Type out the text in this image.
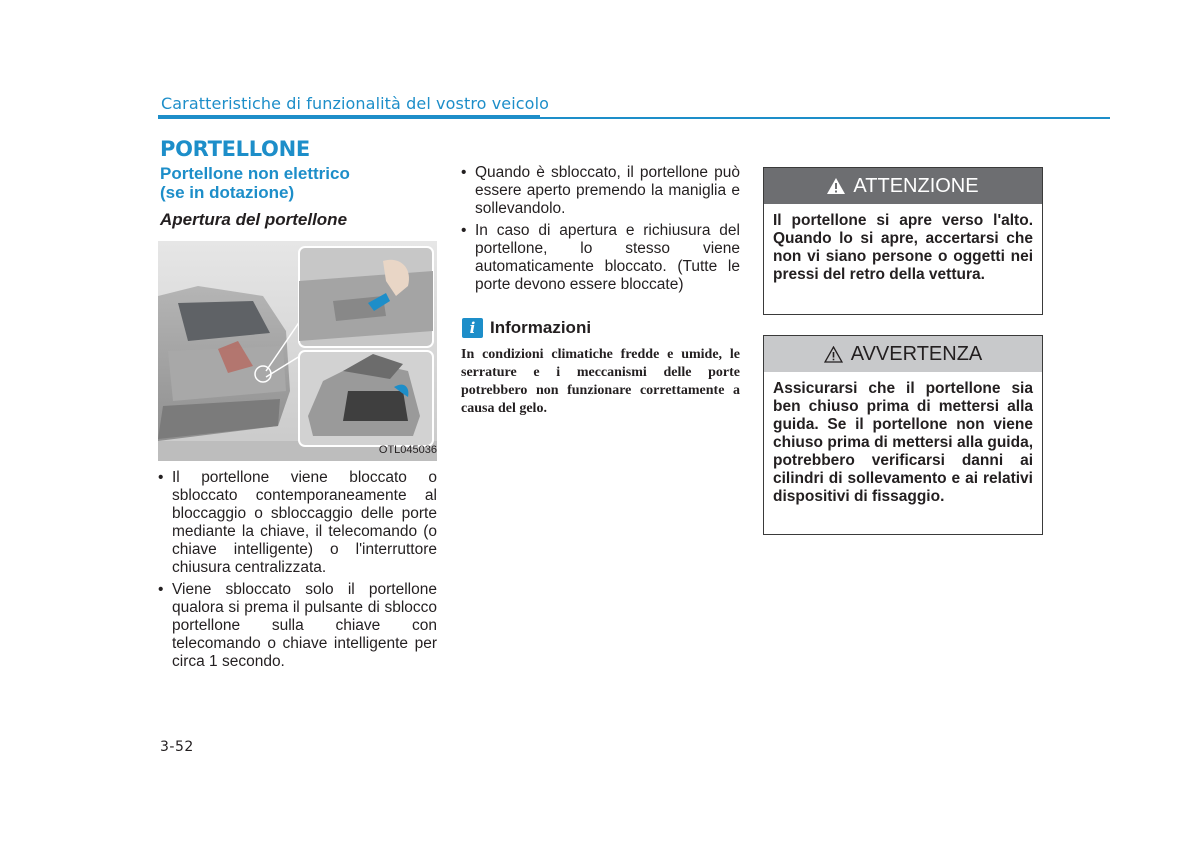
Caratteristiche di funzionalità del vostro veicolo
PORTELLONE
Portellone non elettrico
(se in dotazione)
Apertura del portellone
OTL045036
• Il portellone viene bloccato o sbloccato contemporaneamente al bloccaggio o sbloccaggio delle porte mediante la chiave, il telecomando (o chiave intelligente) o l'interruttore chiusura centralizzata.
• Viene sbloccato solo il portellone qualora si prema il pulsante di sblocco portellone sulla chiave con telecomando o chiave intelligente per circa 1 secondo.
• Quando è sbloccato, il portellone può essere aperto premendo la maniglia e sollevandolo.
• In caso di apertura e richiusura del portellone, lo stesso viene automaticamente bloccato. (Tutte le porte devono essere bloccate)
i Informazioni
In condizioni climatiche fredde e umide, le serrature e i meccanismi delle porte potrebbero non funzionare correttamente a causa del gelo.
ATTENZIONE
Il portellone si apre verso l'alto. Quando lo si apre, accertarsi che non vi siano persone o oggetti nei pressi del retro della vettura.
AVVERTENZA
Assicurarsi che il portellone sia ben chiuso prima di mettersi alla guida. Se il portellone non viene chiuso prima di mettersi alla guida, potrebbero verificarsi danni ai cilindri di sollevamento e ai relativi dispositivi di fissaggio.
3-52
